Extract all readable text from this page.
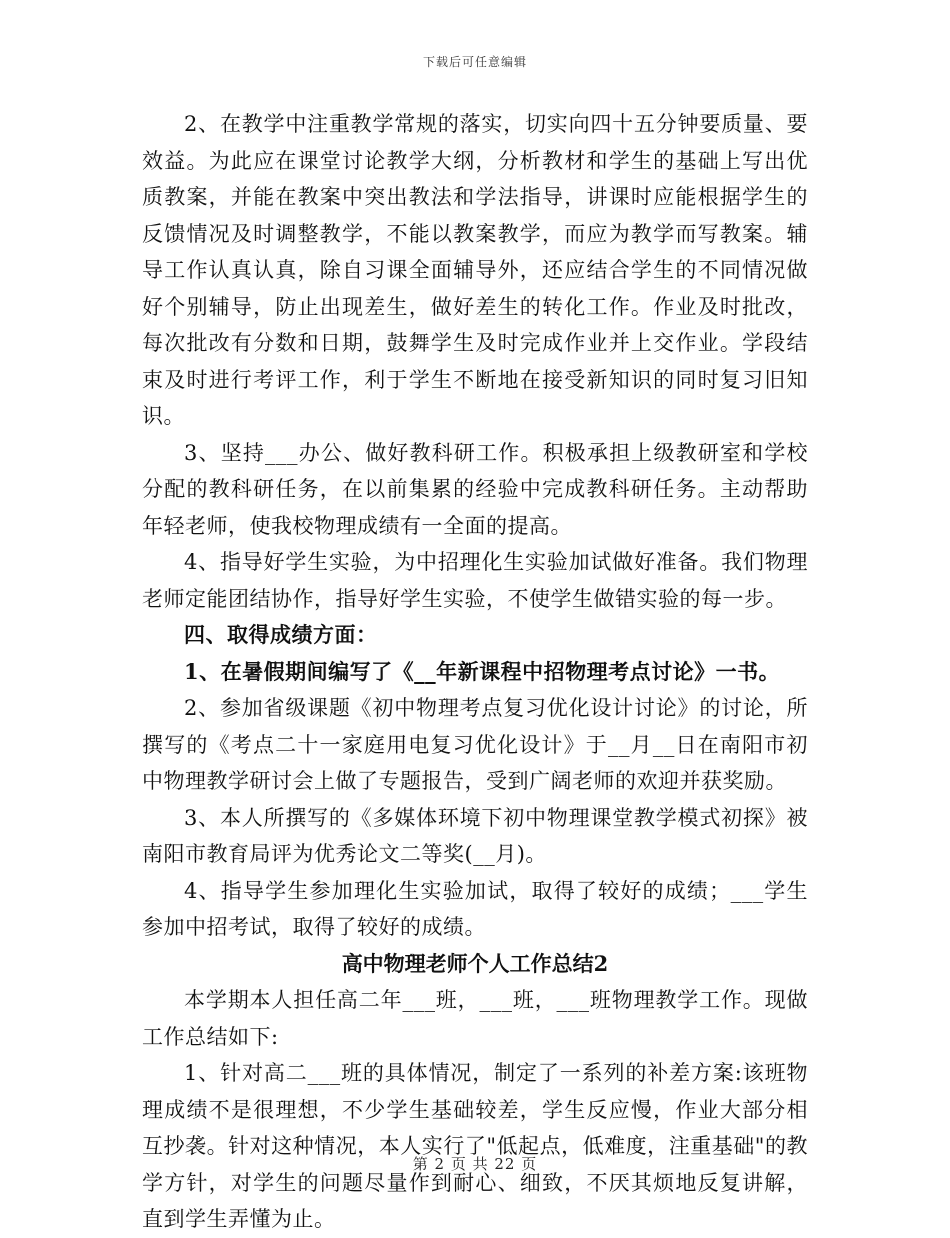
下载后可任意编辑

2、在教学中注重教学常规的落实，切实向四十五分钟要质量、要效益。为此应在课堂讨论教学大纲，分析教材和学生的基础上写出优质教案，并能在教案中突出教法和学法指导，讲课时应能根据学生的反馈情况及时调整教学，不能以教案教学，而应为教学而写教案。辅导工作认真认真，除自习课全面辅导外，还应结合学生的不同情况做好个别辅导，防止出现差生，做好差生的转化工作。作业及时批改，每次批改有分数和日期，鼓舞学生及时完成作业并上交作业。学段结束及时进行考评工作，利于学生不断地在接受新知识的同时复习旧知识。

3、坚持___办公、做好教科研工作。积极承担上级教研室和学校分配的教科研任务，在以前集累的经验中完成教科研任务。主动帮助年轻老师，使我校物理成绩有一全面的提高。

4、指导好学生实验，为中招理化生实验加试做好准备。我们物理老师定能团结协作，指导好学生实验，不使学生做错实验的每一步。

四、取得成绩方面：

1、在暑假期间编写了《__年新课程中招物理考点讨论》一书。

2、参加省级课题《初中物理考点复习优化设计讨论》的讨论，所撰写的《考点二十一家庭用电复习优化设计》于__月__日在南阳市初中物理教学研讨会上做了专题报告，受到广阔老师的欢迎并获奖励。

3、本人所撰写的《多媒体环境下初中物理课堂教学模式初探》被南阳市教育局评为优秀论文二等奖(__月)。

4、指导学生参加理化生实验加试，取得了较好的成绩；___学生参加中招考试，取得了较好的成绩。

高中物理老师个人工作总结2

本学期本人担任高二年___班，___班，___班物理教学工作。现做工作总结如下:

1、针对高二___班的具体情况，制定了一系列的补差方案:该班物理成绩不是很理想，不少学生基础较差，学生反应慢，作业大部分相互抄袭。针对这种情况，本人实行了"低起点，低难度，注重基础"的教学方针，对学生的问题尽量作到耐心、细致，不厌其烦地反复讲解，直到学生弄懂为止。

第 2 页 共 22 页
